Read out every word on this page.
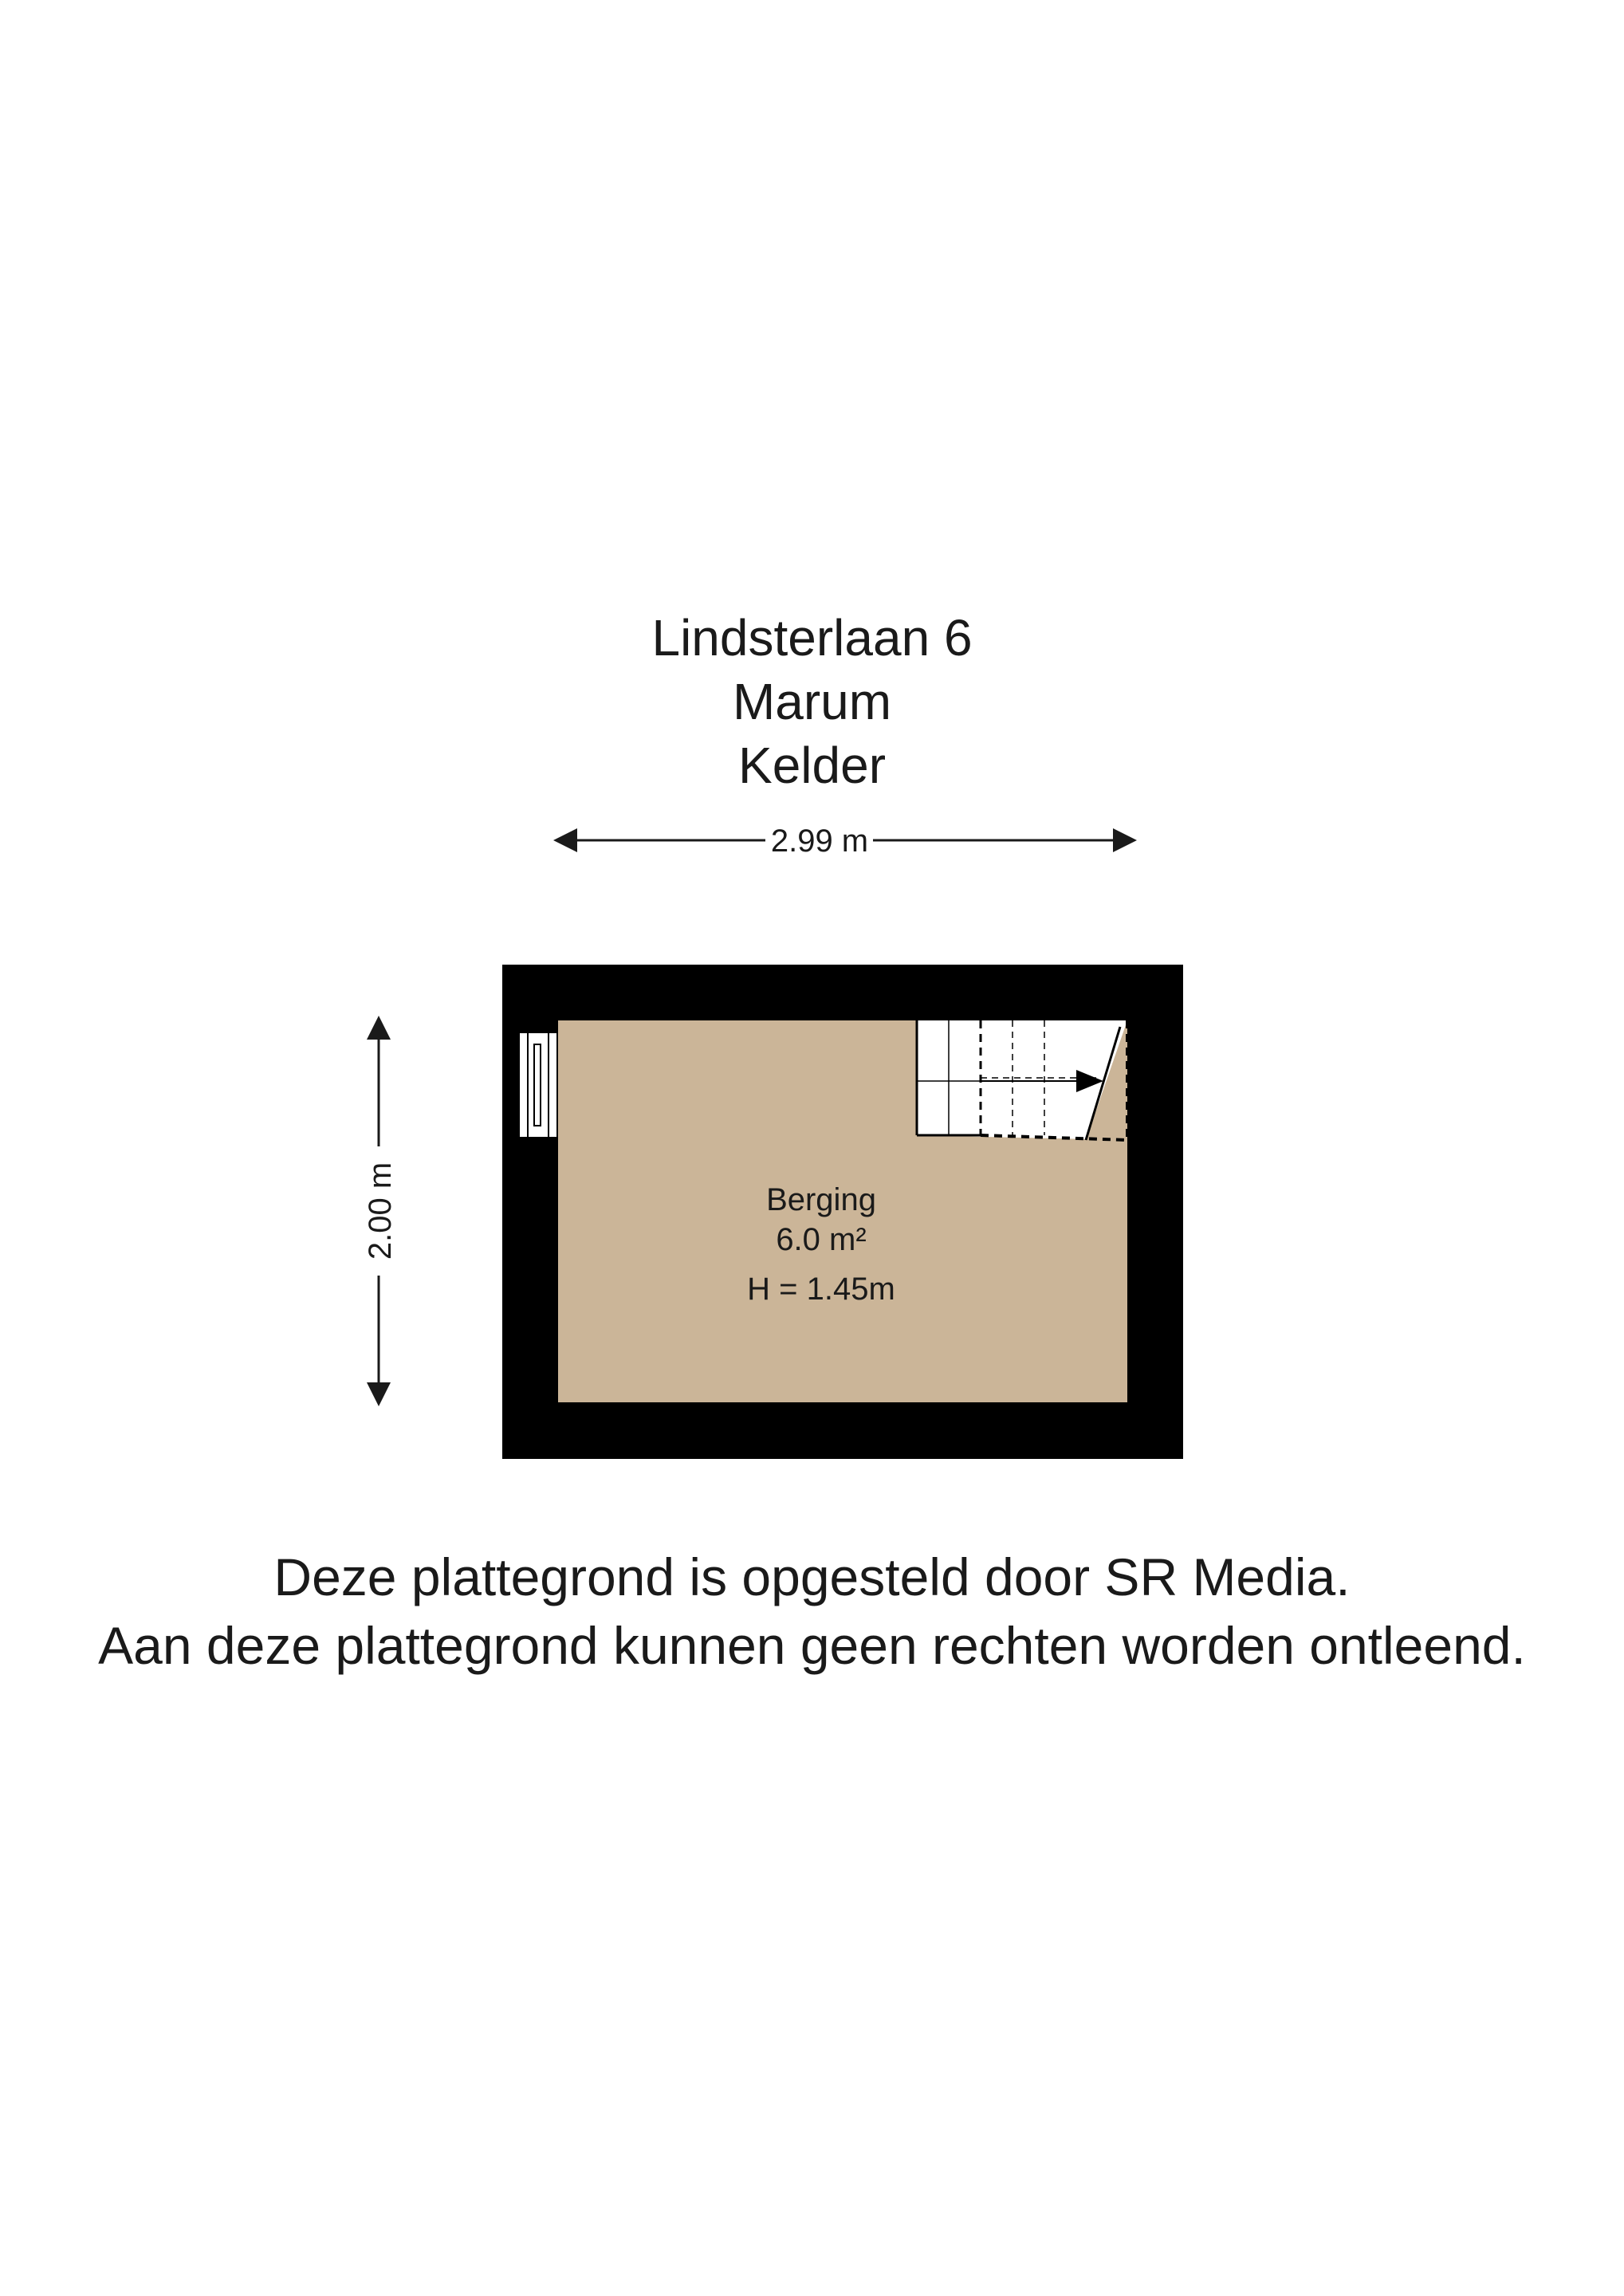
Lindsterlaan 6
Marum
Kelder
2.99 m
2.00 m	Berging
6.0 m²
H = 1.45m
Deze plattegrond is opgesteld door SR Media.
Aan deze plattegrond kunnen geen rechten worden ontleend.
